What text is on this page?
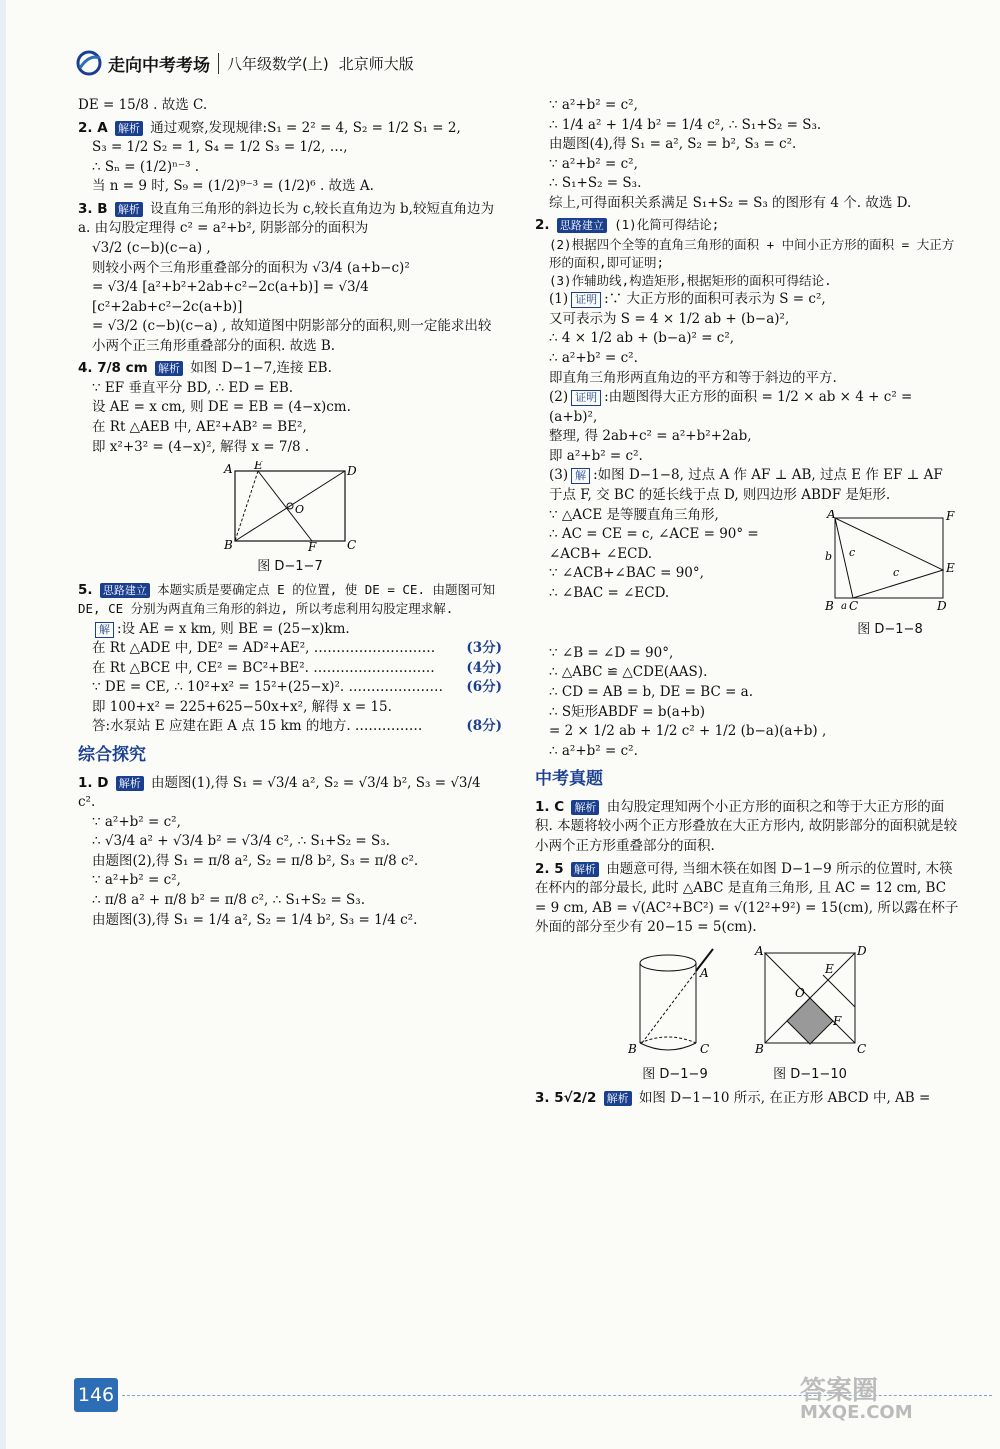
走向中考考场	八年级数学(上) 北京师大版
DE = 15/8 . 故选 C.
2. A 解析 通过观察,发现规律:S₁ = 2² = 4, S₂ = 1/2 S₁ = 2,
S₃ = 1/2 S₂ = 1, S₄ = 1/2 S₃ = 1/2, …,
∴ Sₙ = (1/2)ⁿ⁻³ .
当 n = 9 时, S₉ = (1/2)⁹⁻³ = (1/2)⁶ . 故选 A.
3. B 解析 设直角三角形的斜边长为 c,较长直角边为 b,较短直角边为 a. 由勾股定理得 c² = a²+b², 阴影部分的面积为
√3/2 (c−b)(c−a) ,
则较小两个三角形重叠部分的面积为 √3/4 (a+b−c)²
= √3/4 [a²+b²+2ab+c²−2c(a+b)] = √3/4 [c²+2ab+c²−2c(a+b)]
= √3/2 (c−b)(c−a) , 故知道图中阴影部分的面积,则一定能求出较小两个正三角形重叠部分的面积. 故选 B.
4. 7/8 cm 解析 如图 D−1−7,连接 EB.
∵ EF 垂直平分 BD, ∴ ED = EB.
设 AE = x cm, 则 DE = EB = (4−x)cm.
在 Rt △AEB 中, AE²+AB² = BE²,
即 x²+3² = (4−x)², 解得 x = 7/8 .
A E	D
B	F	C
O
图 D−1−7
5. 思路建立 本题实质是要确定点 E 的位置, 使 DE = CE. 由题图可知 DE, CE 分别为两直角三角形的斜边, 所以考虑利用勾股定理求解.
解 :设 AE = x km, 则 BE = (25−x)km.
在 Rt △ADE 中, DE² = AD²+AE², ……………………… (3分)
在 Rt △BCE 中, CE² = BC²+BE². ……………………… (4分)
∵ DE = CE, ∴ 10²+x² = 15²+(25−x)². ………………… (6分)
即 100+x² = 225+625−50x+x², 解得 x = 15.
答:水泵站 E 应建在距 A 点 15 km 的地方. ……………	(8分)
综合探究
1. D 解析 由题图(1),得 S₁ = √3/4 a², S₂ = √3/4 b², S₃ = √3/4 c².
∵ a²+b² = c²,
∴ √3/4 a² + √3/4 b² = √3/4 c², ∴ S₁+S₂ = S₃.
由题图(2),得 S₁ = π/8 a², S₂ = π/8 b², S₃ = π/8 c².
∵ a²+b² = c²,
∴ π/8 a² + π/8 b² = π/8 c², ∴ S₁+S₂ = S₃.
由题图(3),得 S₁ = 1/4 a², S₂ = 1/4 b², S₃ = 1/4 c².
∵ a²+b² = c²,
∴ 1/4 a² + 1/4 b² = 1/4 c², ∴ S₁+S₂ = S₃.
由题图(4),得 S₁ = a², S₂ = b², S₃ = c².
∵ a²+b² = c²,
∴ S₁+S₂ = S₃.
综上,可得面积关系满足 S₁+S₂ = S₃ 的图形有 4 个. 故选 D.
2. 思路建立 (1)化简可得结论;
(2)根据四个全等的直角三角形的面积 + 中间小正方形的面积 = 大正方形的面积,即可证明;
(3)作辅助线,构造矩形,根据矩形的面积可得结论.
(1) 证明 :∵ 大正方形的面积可表示为 S = c²,
又可表示为 S = 4 × 1/2 ab + (b−a)²,
∴ 4 × 1/2 ab + (b−a)² = c²,
∴ a²+b² = c².
即直角三角形两直角边的平方和等于斜边的平方.
(2) 证明 :由题图得大正方形的面积 = 1/2 × ab × 4 + c² = (a+b)²,
整理, 得 2ab+c² = a²+b²+2ab,
即 a²+b² = c².
(3) 解 :如图 D−1−8, 过点 A 作 AF ⊥ AB, 过点 E 作 EF ⊥ AF 于点 F, 交 BC 的延长线于点 D, 则四边形 ABDF 是矩形.
∵ △ACE 是等腰直角三角形,
∴ AC = CE = c, ∠ACE = 90° =
∠ACB+ ∠ECD.
∵ ∠ACB+∠BAC = 90°,
∴ ∠BAC = ∠ECD.
A	F
E
B C	D
b
a
c
c
图 D−1−8
∵ ∠B = ∠D = 90°,
∴ △ABC ≌ △CDE(AAS).
∴ CD = AB = b, DE = BC = a.
∴ S矩形ABDF = b(a+b)
= 2 × 1/2 ab + 1/2 c² + 1/2 (b−a)(a+b) ,
∴ a²+b² = c².
中考真题
1. C 解析 由勾股定理知两个小正方形的面积之和等于大正方形的面积. 本题将较小两个正方形叠放在大正方形内, 故阴影部分的面积就是较小两个正方形重叠部分的面积.
2. 5 解析 由题意可得, 当细木筷在如图 D−1−9 所示的位置时, 木筷在杯内的部分最长, 此时 △ABC 是直角三角形, 且 AC = 12 cm, BC = 9 cm, AB = √(AC²+BC²) = √(12²+9²) = 15(cm), 所以露在杯子外面的部分至少有 20−15 = 5(cm).
A
B	C
图 D−1−9
A	D
B	C
E
O
F
图 D−1−10
3. 5√2/2 解析 如图 D−1−10 所示, 在正方形 ABCD 中, AB =
146	答案圈
MXQE.COM
